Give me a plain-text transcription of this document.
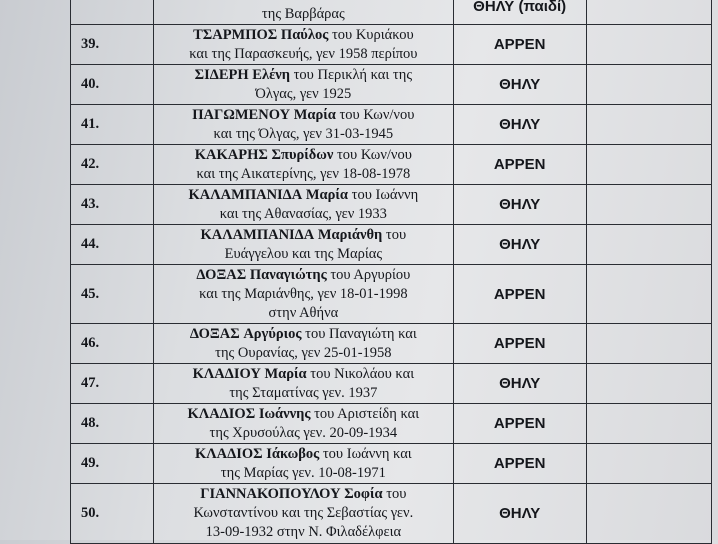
	της Βαρβάρας	ΘΗΛΥ (παιδί)	
39.	ΤΣΑΡΜΠΟΣ Παύλος του Κυριάκου
και της Παρασκευής, γεν 1958 περίπου	ΑΡΡΕΝ	
40.	ΣΙΔΕΡΗ Ελένη του Περικλή και της
Όλγας, γεν 1925	ΘΗΛΥ	
41.	ΠΑΓΩΜΕΝΟΥ Μαρία του Κων/νου
και της Όλγας, γεν 31-03-1945	ΘΗΛΥ	
42.	ΚΑΚΑΡΗΣ Σπυρίδων του Κων/νου
και της Αικατερίνης, γεν 18-08-1978	ΑΡΡΕΝ	
43.	ΚΑΛΑΜΠΑΝΙΔΑ Μαρία του Ιωάννη
και της Αθανασίας, γεν 1933	ΘΗΛΥ	
44.	ΚΑΛΑΜΠΑΝΙΔΑ Μαριάνθη του
Ευάγγελου και της Μαρίας	ΘΗΛΥ	
45.	ΔΟΞΑΣ Παναγιώτης του Αργυρίου
και της Μαριάνθης, γεν 18-01-1998
στην Αθήνα	ΑΡΡΕΝ	
46.	ΔΟΞΑΣ Αργύριος του Παναγιώτη και
της Ουρανίας, γεν 25-01-1958	ΑΡΡΕΝ	
47.	ΚΛΑΔΙΟΥ Μαρία του Νικολάου και
της Σταματίνας γεν. 1937	ΘΗΛΥ	
48.	ΚΛΑΔΙΟΣ Ιωάννης του Αριστείδη και
της Χρυσούλας γεν. 20-09-1934	ΑΡΡΕΝ	
49.	ΚΛΑΔΙΟΣ Ιάκωβος του Ιωάννη και
της Μαρίας γεν. 10-08-1971	ΑΡΡΕΝ	
50.	ΓΙΑΝΝΑΚΟΠΟΥΛΟΥ Σοφία του
Κωνσταντίνου και της Σεβαστίας γεν.
13-09-1932 στην Ν. Φιλαδέλφεια	ΘΗΛΥ	
